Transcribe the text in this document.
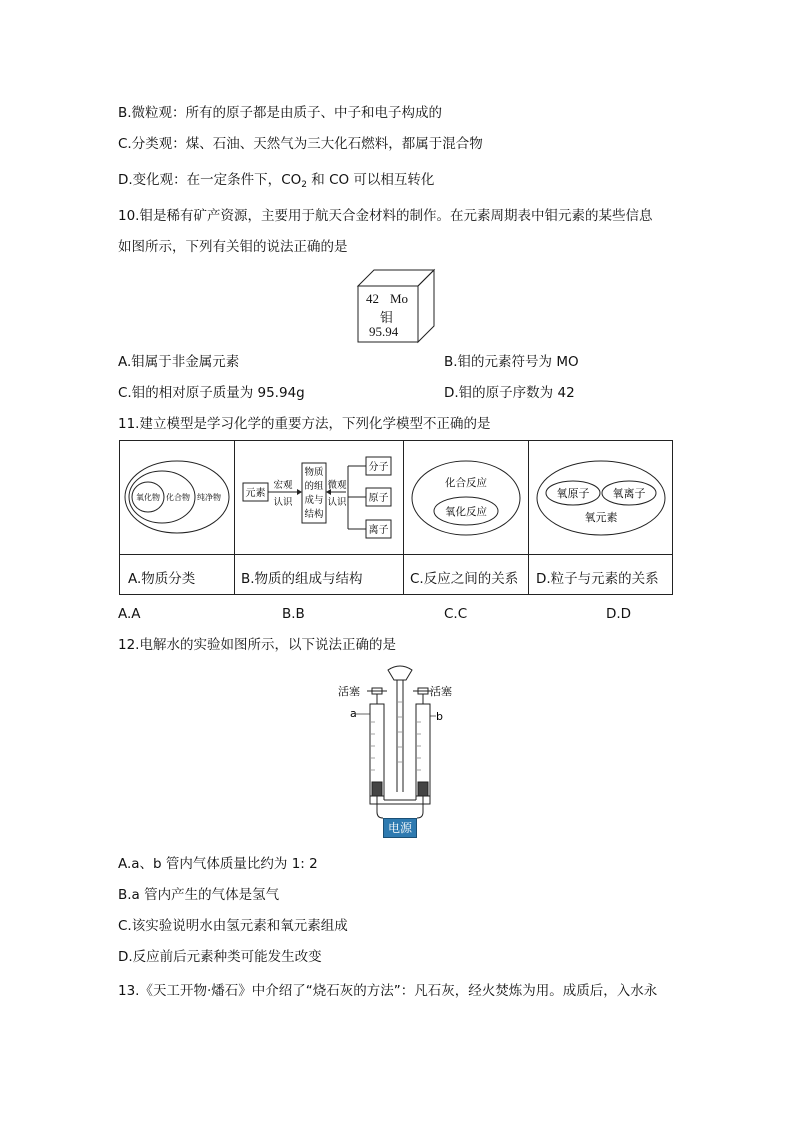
B.微粒观：所有的原子都是由质子、中子和电子构成的
C.分类观：煤、石油、天然气为三大化石燃料，都属于混合物
D.变化观：在一定条件下，$CO_2$ 和 CO 可以相互转化
10.钼是稀有矿产资源，主要用于航天合金材料的制作。在元素周期表中钼元素的某些信息
如图所示，下列有关钼的说法正确的是
42 Mo
钼
95.94
A.钼属于非金属元素	B.钼的元素符号为 MO
C.钼的相对原子质量为 95.94g	D.钼的原子序数为 42
11.建立模型是学习化学的重要方法，下列化学模型不正确的是
氧化物 化合物 纯净物 元素
宏观
认识
物质
的组
成与
结构
微观
认识
分子
原子
离子
化合反应
氧化反应
氧原子 氧离子
氧元素
A.物质分类	B.物质的组成与结构	C.反应之间的关系 D.粒子与元素的关系
A.A	B.B	C.C	D.D
12.电解水的实验如图所示，以下说法正确的是
活塞	活塞
a	b
电源
A.a、b 管内气体质量比约为 1: 2
B.a 管内产生的气体是氢气
C.该实验说明水由氢元素和氧元素组成
D.反应前后元素种类可能发生改变
13.《天工开物·燔石》中介绍了“烧石灰的方法”：凡石灰，经火焚炼为用。成质后，入水永
